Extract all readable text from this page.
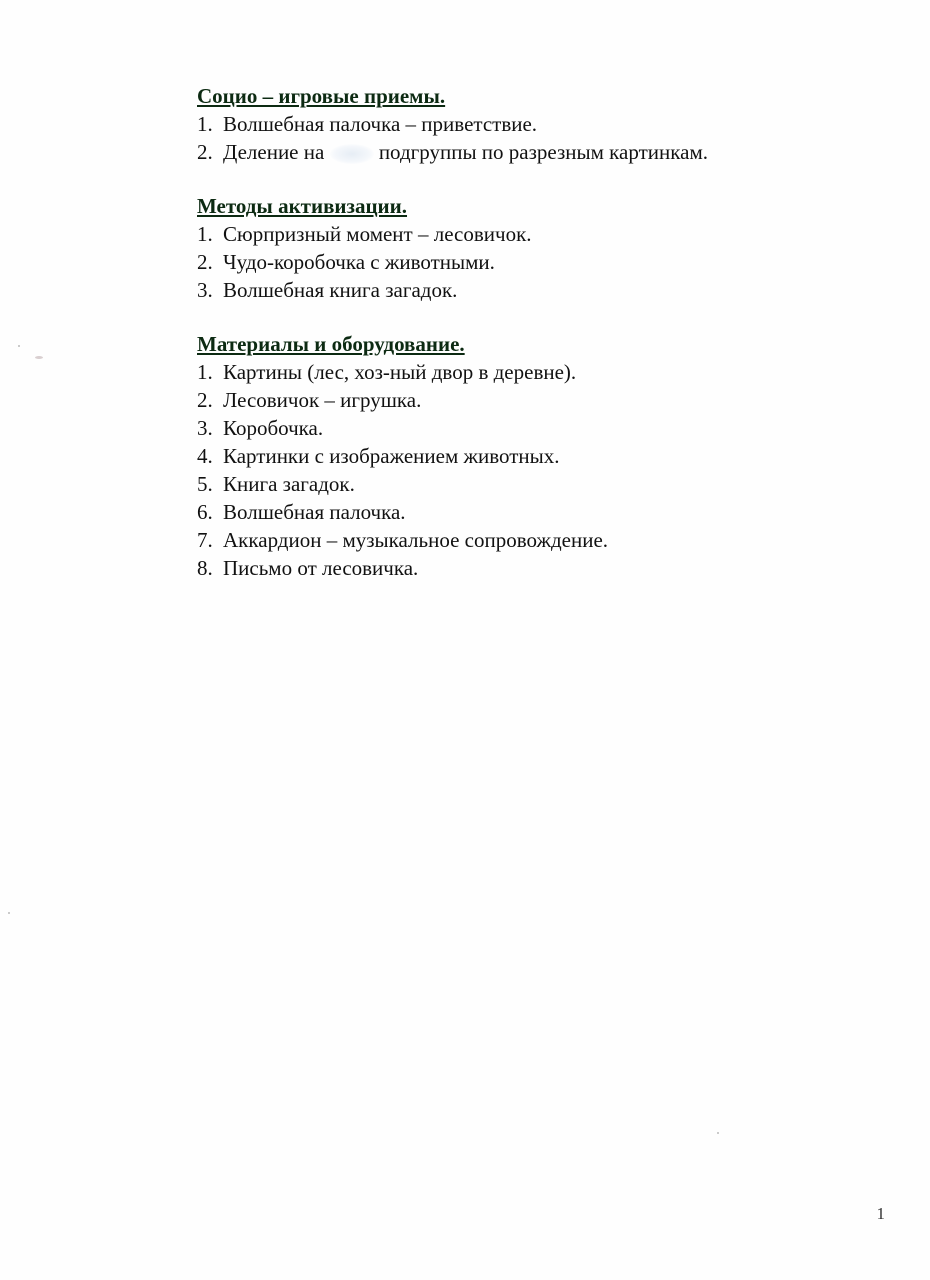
Социо – игровые приемы.

1. Волшебная палочка – приветствие.
2. Деление на	подгруппы по разрезным картинкам.

Методы активизации.

1. Сюрпризный момент – лесовичок.
2. Чудо-коробочка с животными.
3. Волшебная книга загадок.

Материалы и оборудование.

1. Картины (лес, хоз-ный двор в деревне).
2. Лесовичок – игрушка.
3. Коробочка.
4. Картинки с изображением животных.
5. Книга загадок.
6. Волшебная палочка.
7. Аккардион – музыкальное сопровождение.
8. Письмо от лесовичка.
1
